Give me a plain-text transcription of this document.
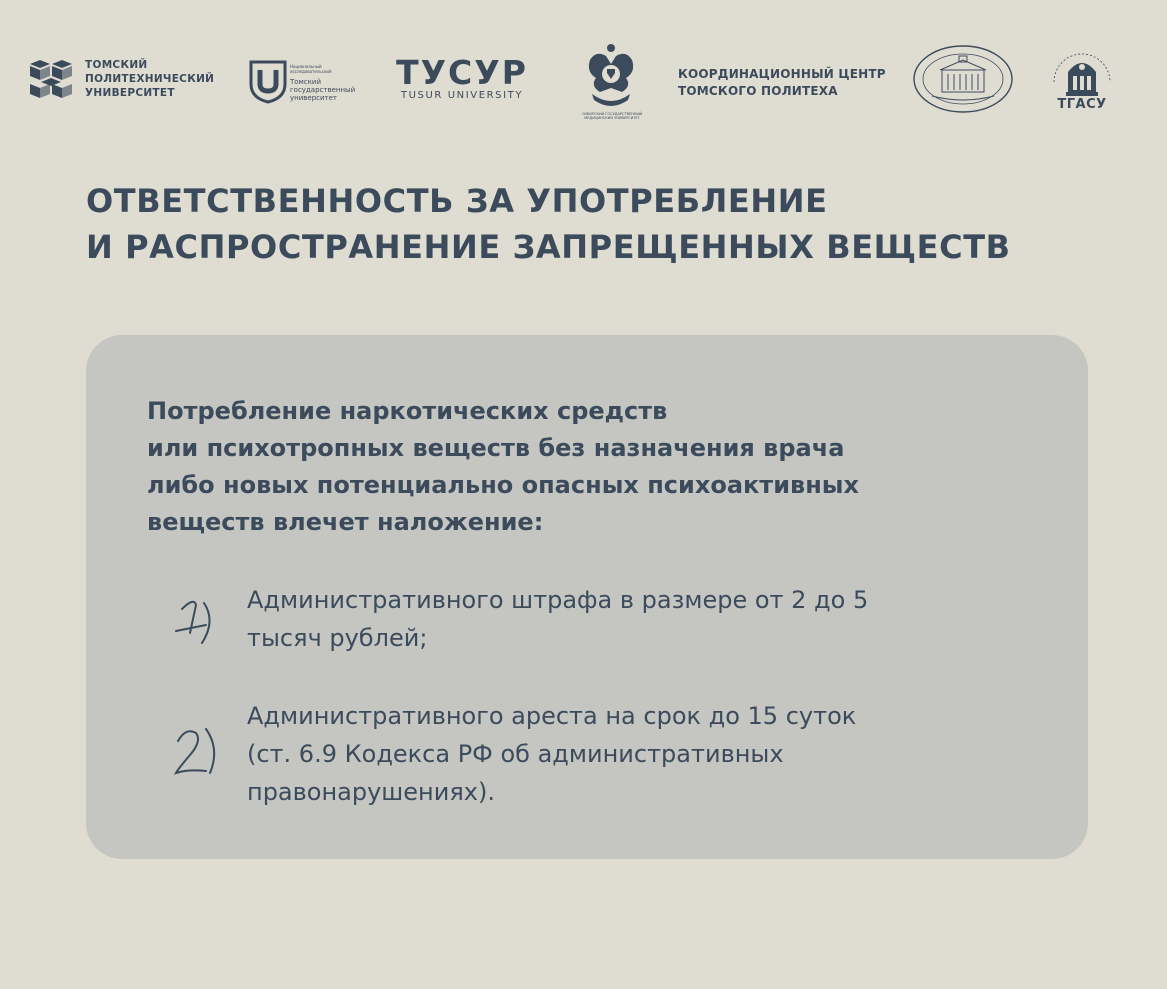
ТОМСКИЙ
ПОЛИТЕХНИЧЕСКИЙ
УНИВЕРСИТЕТ
Национальный
исследовательский
Томский
государственный
университет
ТУСУР
TUSUR UNIVERSITY
СИБИРСКИЙ ГОСУДАРСТВЕННЫЙ
МЕДИЦИНСКИЙ УНИВЕРСИТЕТ
КООРДИНАЦИОННЫЙ ЦЕНТР
ТОМСКОГО ПОЛИТЕХА
ТГАСУ
ОТВЕТСТВЕННОСТЬ ЗА УПОТРЕБЛЕНИЕ
И РАСПРОСТРАНЕНИЕ ЗАПРЕЩЕННЫХ ВЕЩЕСТВ
Потребление наркотических средств
или психотропных веществ без назначения врача
либо новых потенциально опасных психоактивных
веществ влечет наложение:
Административного штрафа в размере от 2 до 5
тысяч рублей;
Административного ареста на срок до 15 суток
(ст. 6.9 Кодекса РФ об административных
правонарушениях).
